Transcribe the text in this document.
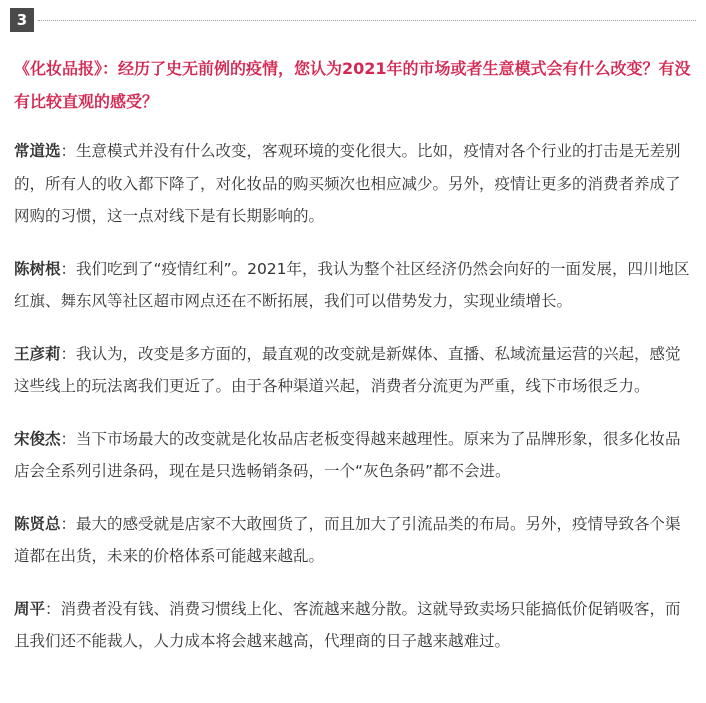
3

《化妆品报》：经历了史无前例的疫情，您认为2021年的市场或者生意模式会有什么改变？有没有比较直观的感受？

常道选：生意模式并没有什么改变，客观环境的变化很大。比如，疫情对各个行业的打击是无差别的，所有人的收入都下降了，对化妆品的购买频次也相应减少。另外，疫情让更多的消费者养成了网购的习惯，这一点对线下是有长期影响的。

陈树根：我们吃到了“疫情红利”。2021年，我认为整个社区经济仍然会向好的一面发展，四川地区红旗、舞东风等社区超市网点还在不断拓展，我们可以借势发力，实现业绩增长。

王彦莉：我认为，改变是多方面的，最直观的改变就是新媒体、直播、私域流量运营的兴起，感觉这些线上的玩法离我们更近了。由于各种渠道兴起，消费者分流更为严重，线下市场很乏力。

宋俊杰：当下市场最大的改变就是化妆品店老板变得越来越理性。原来为了品牌形象，很多化妆品店会全系列引进条码，现在是只选畅销条码，一个“灰色条码”都不会进。

陈贤总：最大的感受就是店家不大敢囤货了，而且加大了引流品类的布局。另外，疫情导致各个渠道都在出货，未来的价格体系可能越来越乱。

周平：消费者没有钱、消费习惯线上化、客流越来越分散。这就导致卖场只能搞低价促销吸客，而且我们还不能裁人，人力成本将会越来越高，代理商的日子越来越难过。
